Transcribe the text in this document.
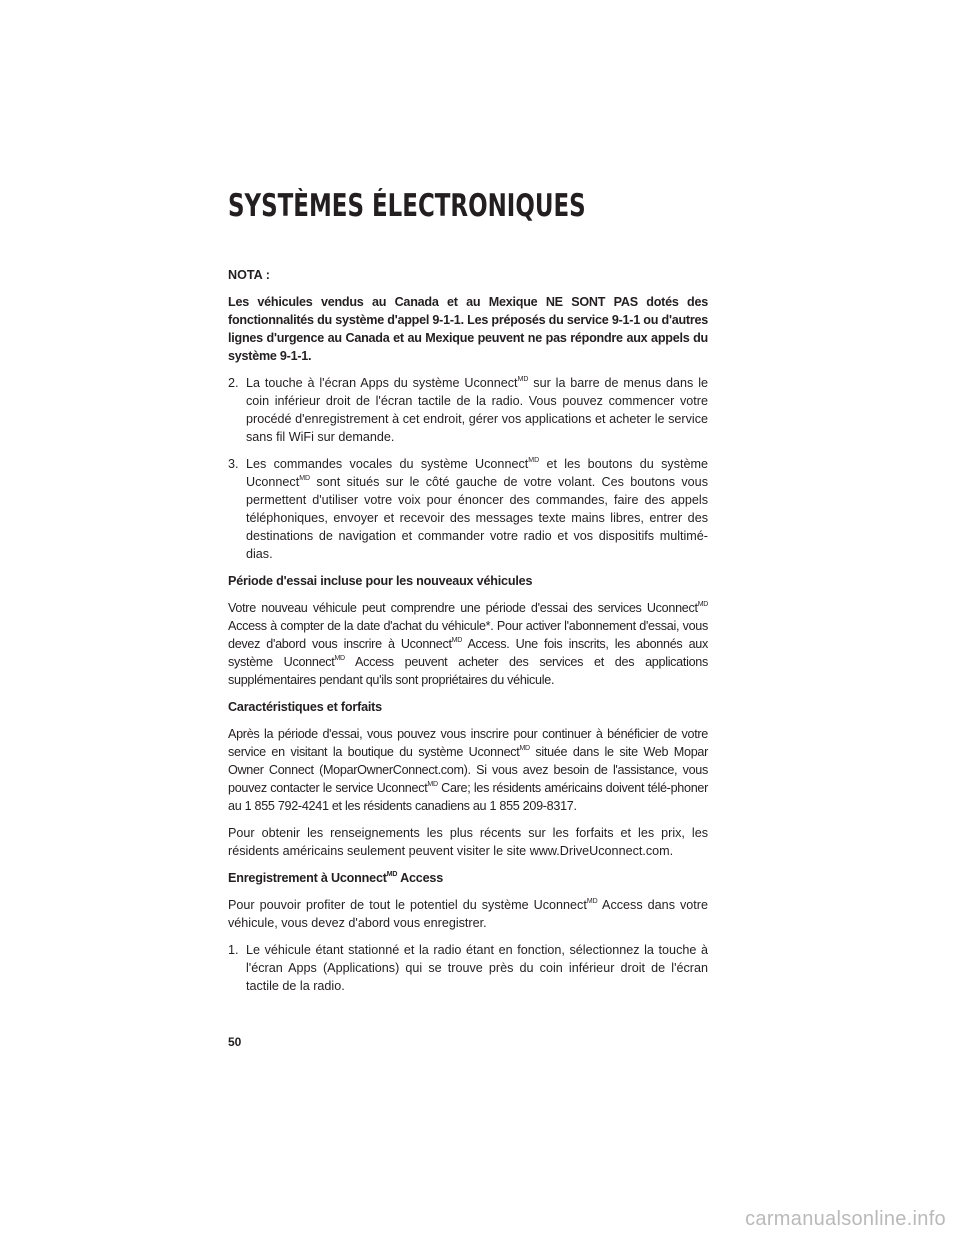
SYSTÈMES ÉLECTRONIQUES
NOTA :

Les véhicules vendus au Canada et au Mexique NE SONT PAS dotés des fonctionnalités du système d'appel 9-1-1. Les préposés du service 9-1-1 ou d'autres lignes d'urgence au Canada et au Mexique peuvent ne pas répondre aux appels du système 9-1-1.

2. La touche à l'écran Apps du système Uconnect$^{MD}$ sur la barre de menus dans le coin inférieur droit de l'écran tactile de la radio. Vous pouvez commencer votre procédé d'enregistrement à cet endroit, gérer vos applications et acheter le service sans fil WiFi sur demande.
3. Les commandes vocales du système Uconnect$^{MD}$ et les boutons du système Uconnect$^{MD}$ sont situés sur le côté gauche de votre volant. Ces boutons vous permettent d'utiliser votre voix pour énoncer des commandes, faire des appels téléphoniques, envoyer et recevoir des messages texte mains libres, entrer des destinations de navigation et commander votre radio et vos dispositifs multimé-dias.
Période d'essai incluse pour les nouveaux véhicules

Votre nouveau véhicule peut comprendre une période d'essai des services Uconnect$^{MD}$ Access à compter de la date d'achat du véhicule*. Pour activer l'abonnement d'essai, vous devez d'abord vous inscrire à Uconnect$^{MD}$ Access. Une fois inscrits, les abonnés aux système Uconnect$^{MD}$ Access peuvent acheter des services et des applications supplémentaires pendant qu'ils sont propriétaires du véhicule.

Caractéristiques et forfaits

Après la période d'essai, vous pouvez vous inscrire pour continuer à bénéficier de votre service en visitant la boutique du système Uconnect$^{MD}$ située dans le site Web Mopar Owner Connect (MoparOwnerConnect.com). Si vous avez besoin de l'assistance, vous pouvez contacter le service Uconnect$^{MD}$ Care; les résidents américains doivent télé-phoner au 1 855 792-4241 et les résidents canadiens au 1 855 209-8317.

Pour obtenir les renseignements les plus récents sur les forfaits et les prix, les résidents américains seulement peuvent visiter le site www.DriveUconnect.com.

Enregistrement à Uconnect$^{MD}$ Access

Pour pouvoir profiter de tout le potentiel du système Uconnect$^{MD}$ Access dans votre véhicule, vous devez d'abord vous enregistrer.

1. Le véhicule étant stationné et la radio étant en fonction, sélectionnez la touche à l'écran Apps (Applications) qui se trouve près du coin inférieur droit de l'écran tactile de la radio.
50
carmanualsonline.info
